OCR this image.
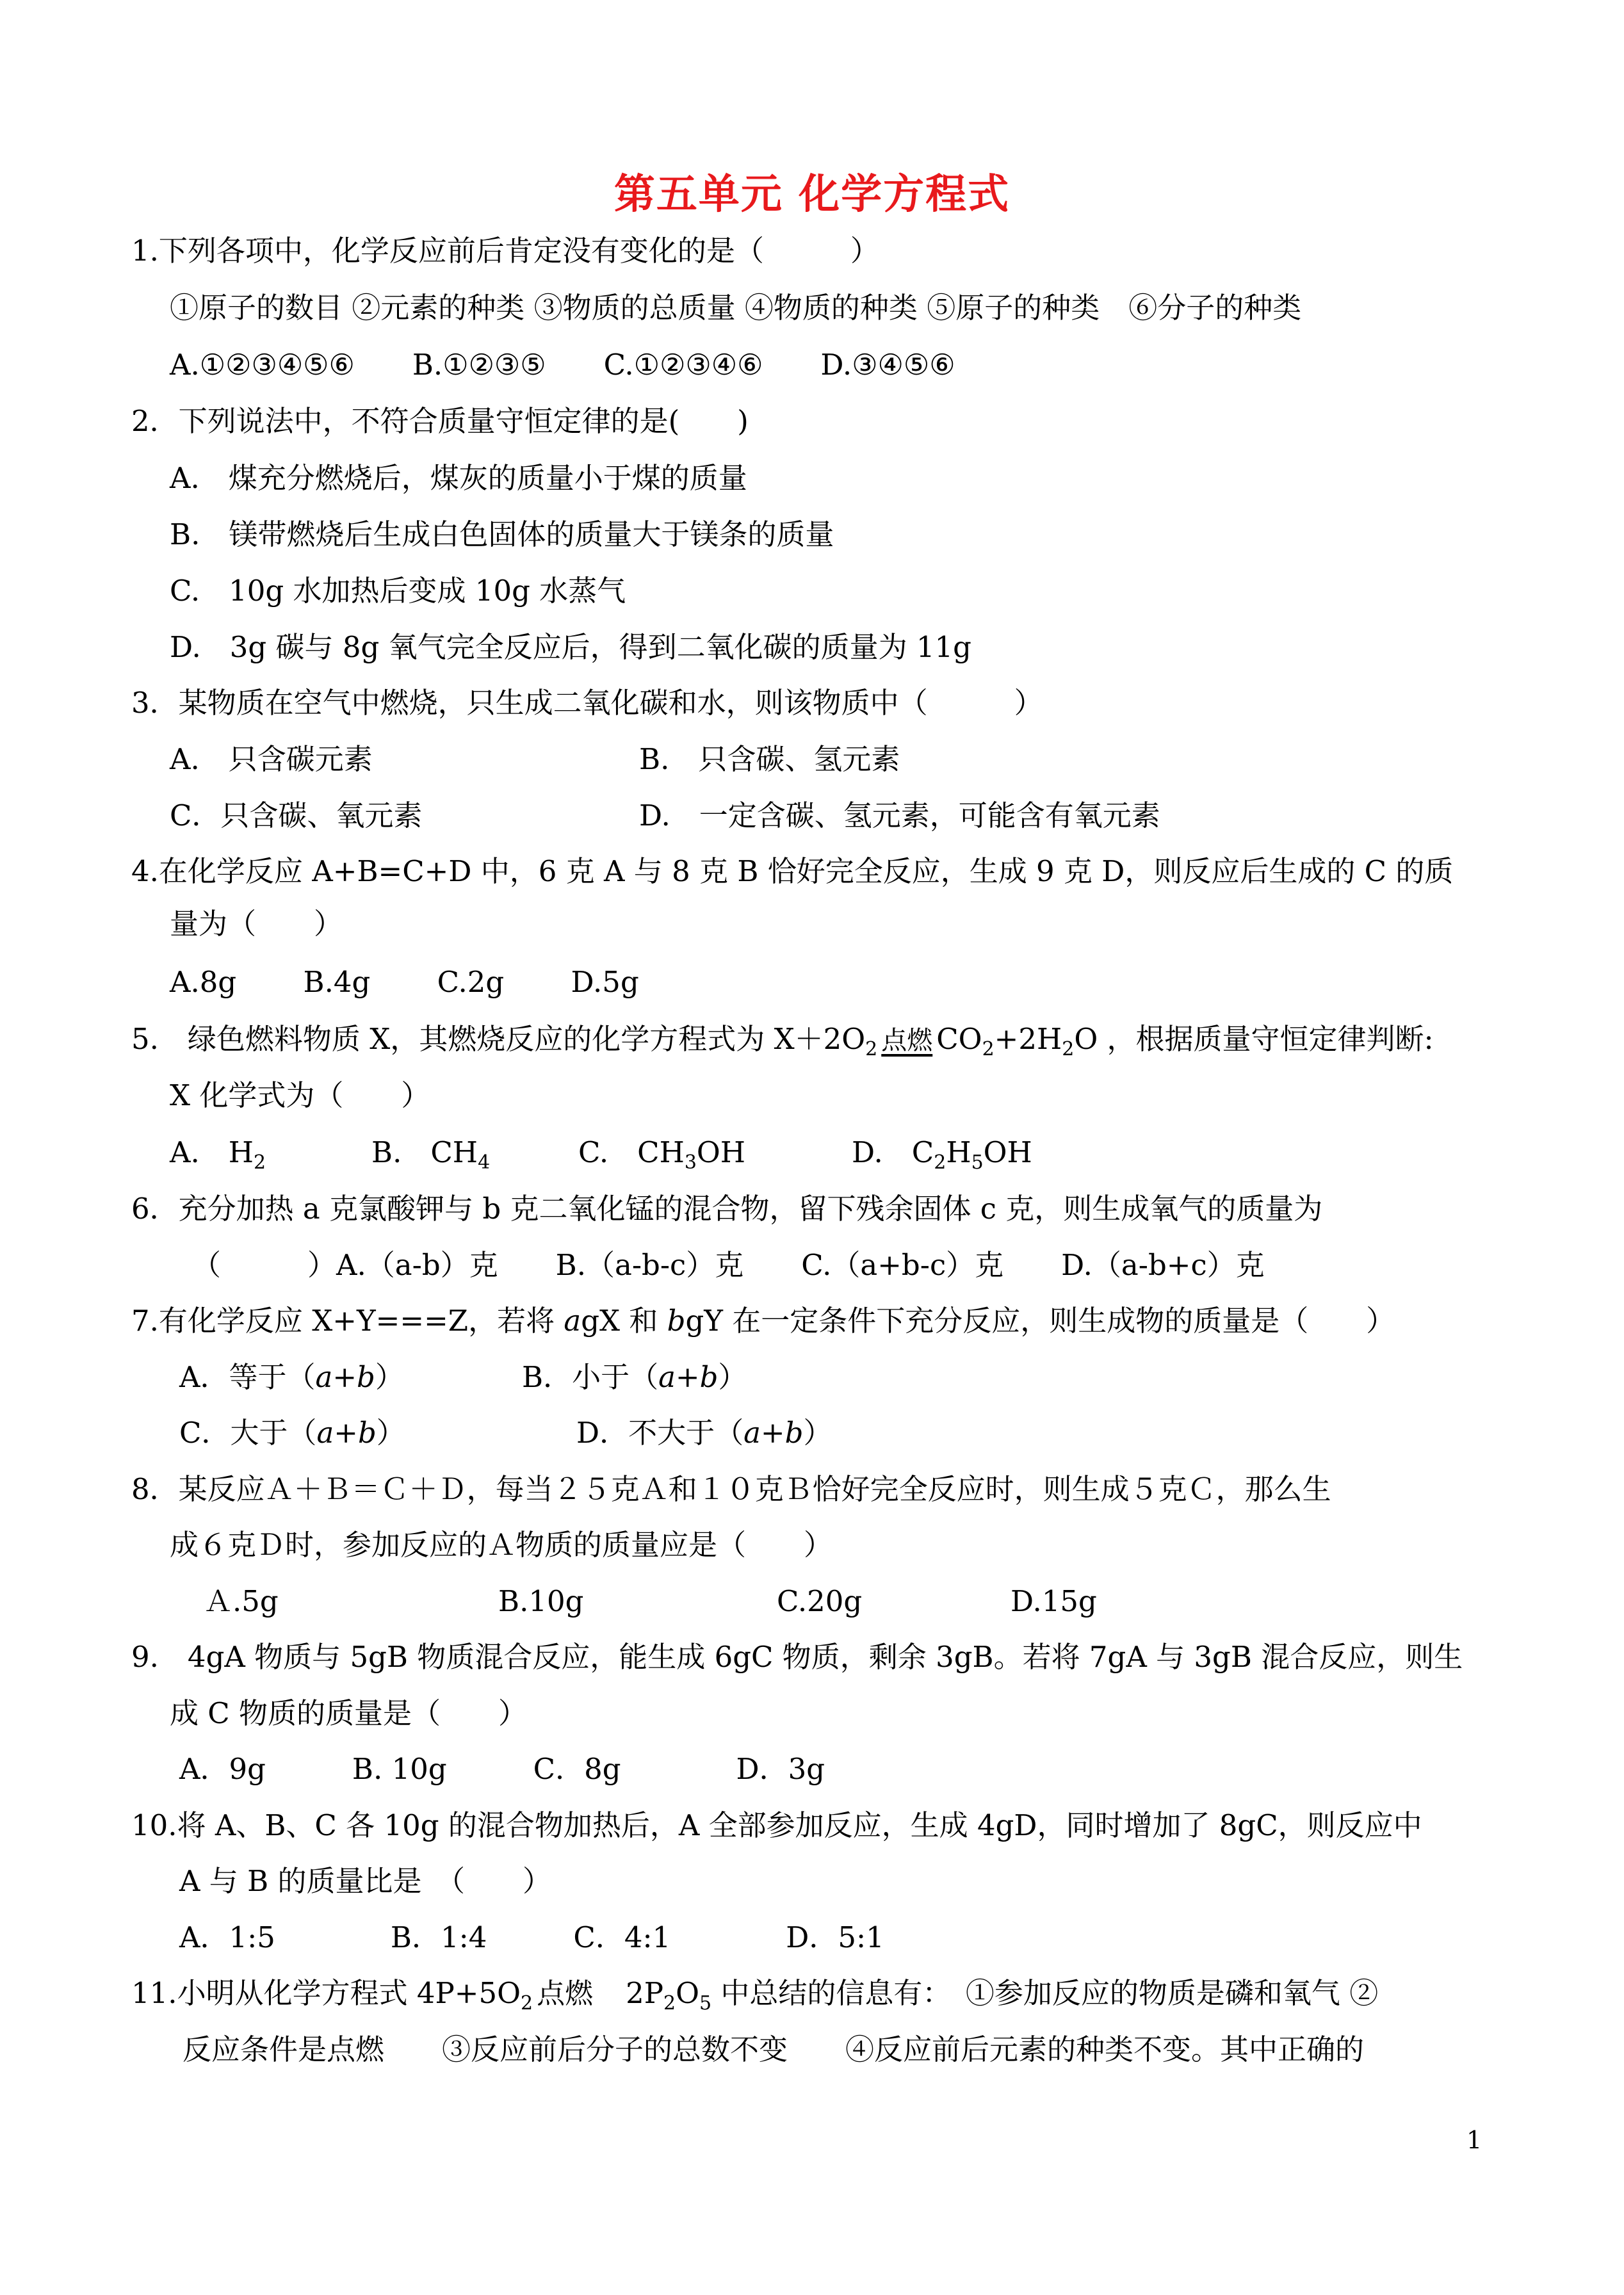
第五单元 化学方程式
1.下列各项中，化学反应前后肯定没有变化的是（　　　）
①原子的数目 ②元素的种类 ③物质的总质量 ④物质的种类 ⑤原子的种类　⑥分子的种类
A.①②③④⑤⑥　　B.①②③⑤　　C.①②③④⑥　　D.③④⑤⑥
2．下列说法中，不符合质量守恒定律的是(　　)
A.　煤充分燃烧后，煤灰的质量小于煤的质量
B.　镁带燃烧后生成白色固体的质量大于镁条的质量
C.　10g 水加热后变成 10g 水蒸气
D.　3g 碳与 8g 氧气完全反应后，得到二氧化碳的质量为 11g
3．某物质在空气中燃烧，只生成二氧化碳和水，则该物质中（　　　）
A.　只含碳元素	B.　只含碳、氢元素
C．只含碳、氧元素	D.　一定含碳、氢元素，可能含有氧元素
4.在化学反应 A+B=C+D 中，6 克 A 与 8 克 B 恰好完全反应，生成 9 克 D，则反应后生成的 C 的质
量为（　　）
A.8g　　 B.4g　　 C.2g　　 D.5g
5.　绿色燃料物质 X，其燃烧反应的化学方程式为 $X+2O_2$ 点燃 $CO_2+2H_2O$ ，根据质量守恒定律判断:
X 化学式为（　　）
A.　$H_2$	B.　$CH_4$	C.　$CH_3OH$	D.　$C_2H_5OH$
6．充分加热 a 克氯酸钾与 b 克二氧化锰的混合物，留下残余固体 c 克，则生成氧气的质量为
（　　　）A.（a-b）克　　B.（a-b-c）克　　C.（a+b-c）克　　D.（a-b+c）克
7.有化学反应 X+Y===Z，若将 agX 和 bgY 在一定条件下充分反应，则生成物的质量是（　　）
A．等于（a+b）	B．小于（a+b）
C．大于（a+b）	D．不大于（a+b）
8．某反应Ａ＋Ｂ＝Ｃ＋Ｄ，每当２５克Ａ和１０克Ｂ恰好完全反应时，则生成５克Ｃ，那么生
成６克Ｄ时，参加反应的Ａ物质的质量应是（　　）
Ａ.5g	B.10g	C.20g	D.15g
9.　4gA 物质与 5gB 物质混合反应，能生成 6gC 物质，剩余 3gB。若将 7gA 与 3gB 混合反应，则生
成 C 物质的质量是（　　）
A．9g　　　B. 10g　　　C．8g　　　　D．3g
10.将 A、B、C 各 10g 的混合物加热后，A 全部参加反应，生成 4gD，同时增加了 8gC，则反应中
A 与 B 的质量比是　（　　）
A．1:5　　　　B．1:4　　　C．4:1　　　　D．5:1
11.小明从化学方程式 $4P+5O_2$ 点燃　$2P_2O_5$ 中总结的信息有：　①参加反应的物质是磷和氧气 ②
反应条件是点燃　　③反应前后分子的总数不变　　④反应前后元素的种类不变。其中正确的
1
